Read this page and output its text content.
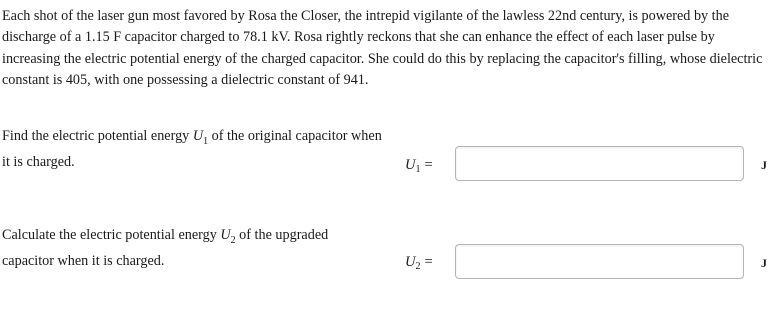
Each shot of the laser gun most favored by Rosa the Closer, the intrepid vigilante of the lawless 22nd century, is powered by the discharge of a 1.15 F capacitor charged to 78.1 kV. Rosa rightly reckons that she can enhance the effect of each laser pulse by increasing the electric potential energy of the charged capacitor. She could do this by replacing the capacitor's filling, whose dielectric constant is 405, with one possessing a dielectric constant of 941.
Find the electric potential energy $U_1$ of the original capacitor when it is charged.	$U_1$ =	J
Calculate the electric potential energy $U_2$ of the upgraded capacitor when it is charged.	$U_2$ =	J
